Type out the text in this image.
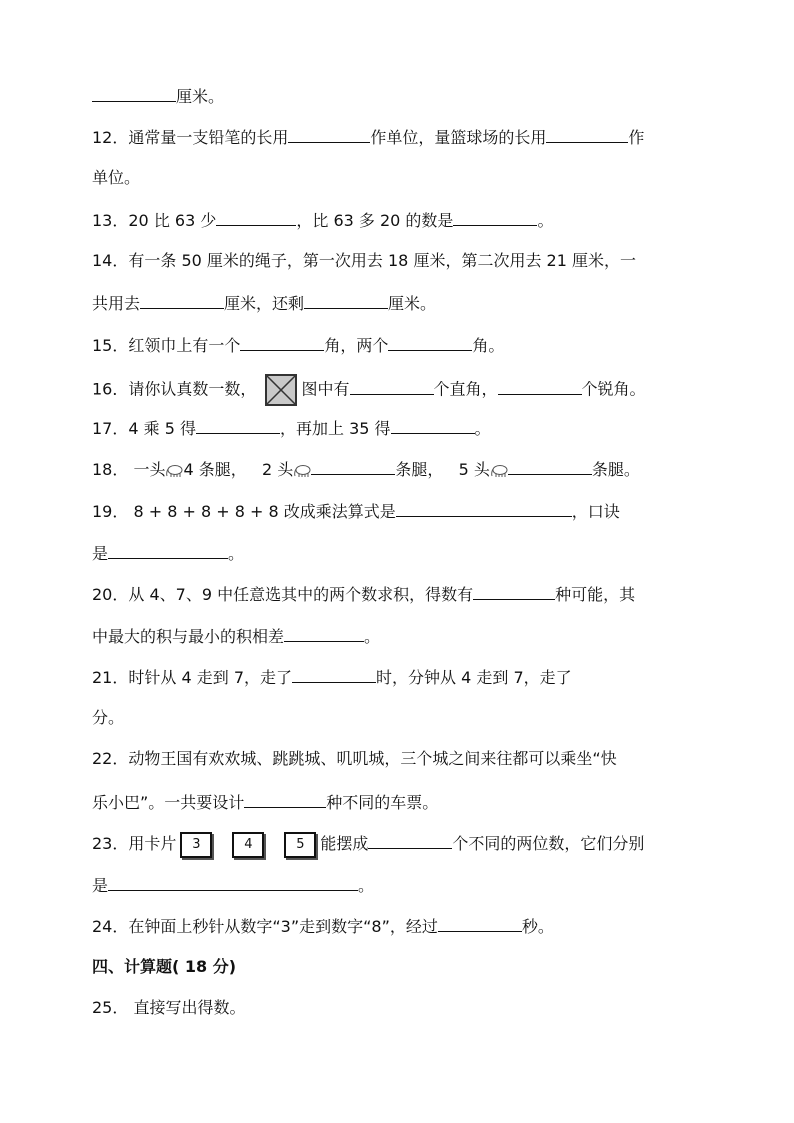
厘米。
12．通常量一支铅笔的长用	作单位，量篮球场的长用	作
单位。
13．20 比 63 少	，比 63 多 20 的数是	。
14．有一条 50 厘米的绳子，第一次用去 18 厘米，第二次用去 21 厘米，一
共用去	厘米，还剩	厘米。
15．红领巾上有一个	角，两个	角。
16．请你认真数一数，	图中有	个直角，	个锐角。
17．4 乘 5 得	，再加上 35 得	。
18． 一头 4 条腿， 2 头	条腿， 5 头	条腿。
19． 8 + 8 + 8 + 8 + 8 改成乘法算式是	，口诀
是	。
20．从 4、7、9 中任意选其中的两个数求积，得数有	种可能，其
中最大的积与最小的积相差	。
21．时针从 4 走到 7，走了	时，分钟从 4 走到 7，走了
分。
22．动物王国有欢欢城、跳跳城、叽叽城，三个城之间来往都可以乘坐“快
乐小巴”。一共要设计	种不同的车票。
23．用卡片 3	4	5 能摆成	个不同的两位数，它们分别
是	。
24．在钟面上秒针从数字“3”走到数字“8”，经过	秒。
四、计算题( 18 分)
25． 直接写出得数。
